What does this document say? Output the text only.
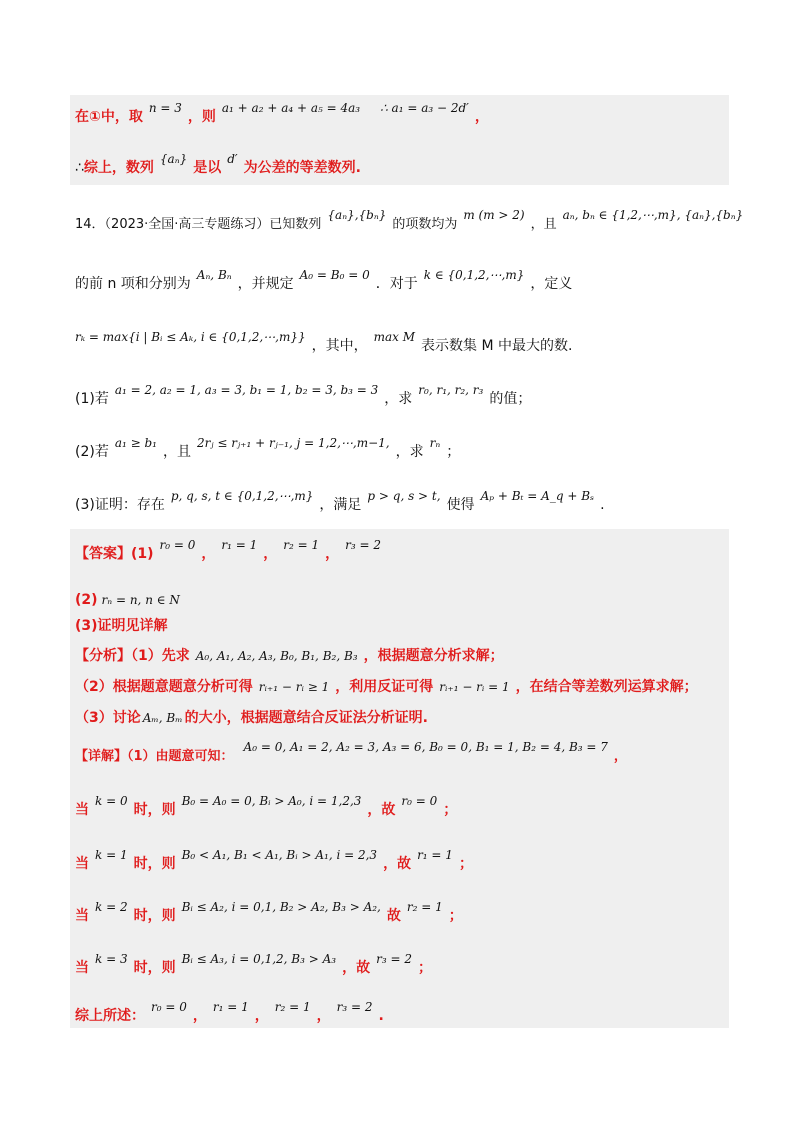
在①中，取n = 3，则a₁ + a₂ + a₄ + a₅ = 4a₃ ∴ a₁ = a₃ − 2d′，
∴综上，数列{aₙ}是以d′为公差的等差数列.
14．（2023·全国·高三专题练习）已知数列{aₙ},{bₙ}的项数均为m (m > 2)，且aₙ, bₙ ∈ {1,2,⋯,m}, {aₙ},{bₙ}
的前 n 项和分别为Aₙ, Bₙ，并规定A₀ = B₀ = 0．对于k ∈ {0,1,2,⋯,m}，定义
rₖ = max{i | Bᵢ ≤ Aₖ, i ∈ {0,1,2,⋯,m}}，其中，max M表示数集 M 中最大的数.
(1)若a₁ = 2, a₂ = 1, a₃ = 3, b₁ = 1, b₂ = 3, b₃ = 3，求r₀, r₁, r₂, r₃的值；
(2)若a₁ ≥ b₁，且2rⱼ ≤ rⱼ₊₁ + rⱼ₋₁, j = 1,2,⋯,m−1,，求rₙ；
(3)证明：存在p, q, s, t ∈ {0,1,2,⋯,m}，满足p > q, s > t,使得Aₚ + Bₜ = A_q + Bₛ.
【答案】(1)r₀ = 0，r₁ = 1，r₂ = 1，r₃ = 2
(2) rₙ = n, n ∈ N
(3)证明见详解
【分析】（1）先求 A₀, A₁, A₂, A₃, B₀, B₁, B₂, B₃ ，根据题意分析求解；
（2）根据题意题意分析可得 rᵢ₊₁ − rᵢ ≥ 1 ，利用反证可得 rᵢ₊₁ − rᵢ = 1 ，在结合等差数列运算求解；
（3）讨论 Aₘ, Bₘ 的大小，根据题意结合反证法分析证明.
【详解】（1）由题意可知：A₀ = 0, A₁ = 2, A₂ = 3, A₃ = 6, B₀ = 0, B₁ = 1, B₂ = 4, B₃ = 7，
当k = 0时，则B₀ = A₀ = 0, Bᵢ > A₀, i = 1,2,3，故r₀ = 0；
当k = 1时，则B₀ < A₁, B₁ < A₁, Bᵢ > A₁, i = 2,3，故r₁ = 1；
当k = 2时，则Bᵢ ≤ A₂, i = 0,1, B₂ > A₂, B₃ > A₂,故r₂ = 1；
当k = 3时，则Bᵢ ≤ A₃, i = 0,1,2, B₃ > A₃，故r₃ = 2；
综上所述：r₀ = 0，r₁ = 1，r₂ = 1，r₃ = 2.
